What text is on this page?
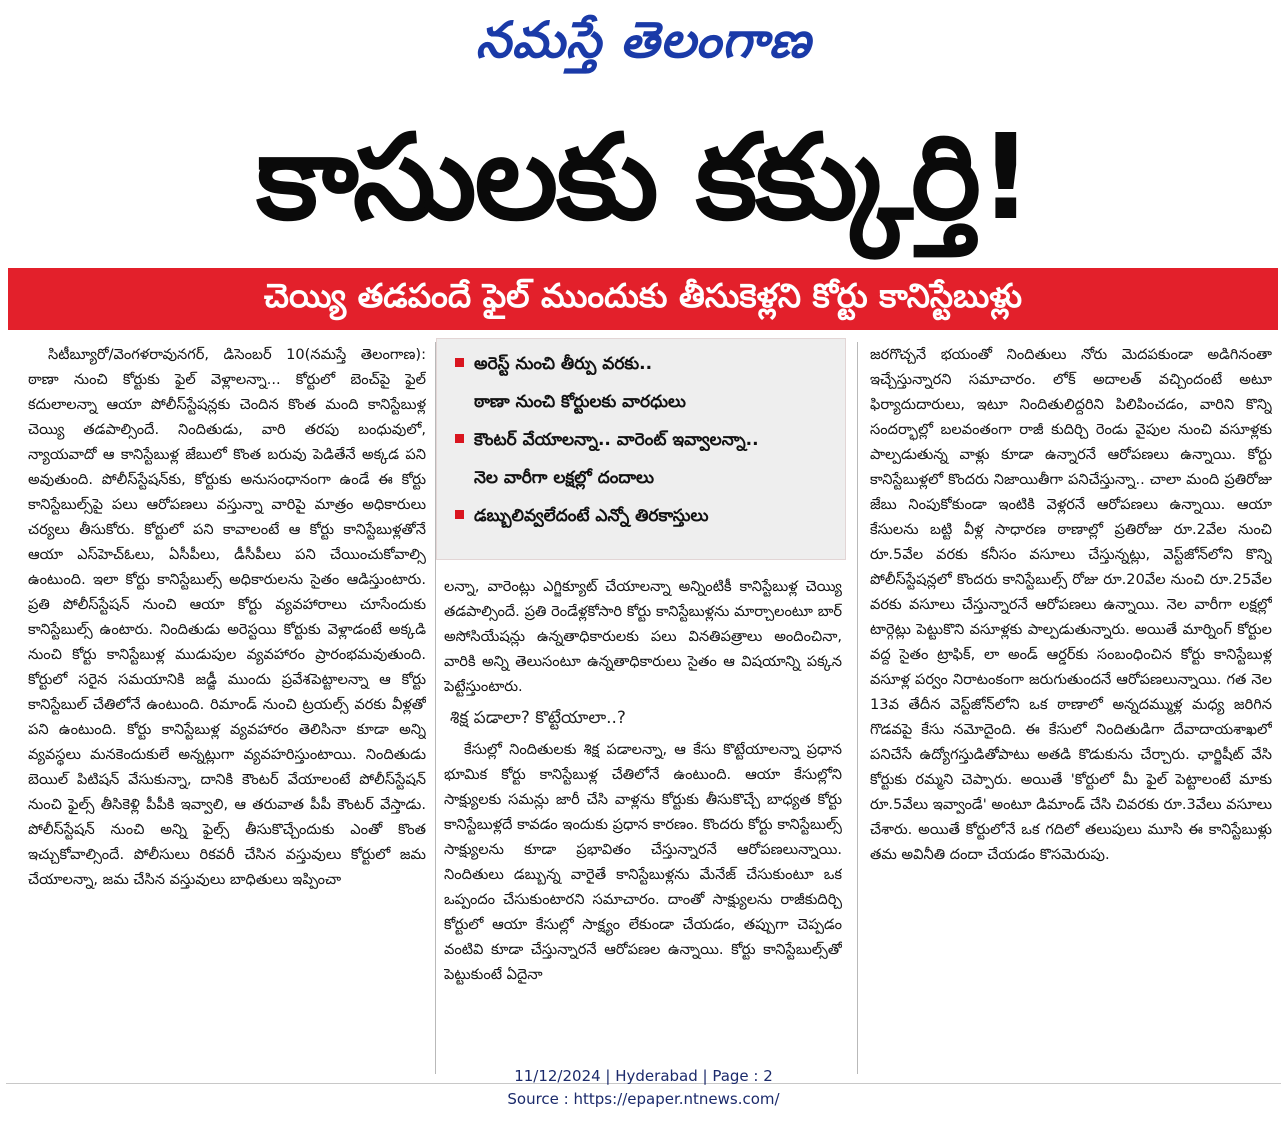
నమస్తే తెలంగాణ
కాసులకు కక్కుర్తి!
చెయ్యి తడపందే ఫైల్ ముందుకు తీసుకెళ్లని కోర్టు కానిస్టేబుళ్లు

సిటీబ్యూరో/వెంగళరావునగర్, డిసెంబర్ 10(నమస్తే తెలంగాణ): ఠాణా నుంచి కోర్టుకు ఫైల్ వెళ్లాలన్నా... కోర్టులో బెంచ్‌పై ఫైల్ కదులాలన్నా ఆయా పోలీస్‌స్టేషన్లకు చెందిన కొంత మంది కానిస్టేబుళ్ల చెయ్యి తడపాల్సిందే. నిందితుడు, వారి తరపు బంధువులో, న్యాయవాదో ఆ కానిస్టేబుళ్ల జేబులో కొంత బరువు పెడితేనే అక్కడ పని అవుతుంది. పోలీస్‌స్టేషన్‌కు, కోర్టుకు అనుసంధానంగా ఉండే ఈ కోర్టు కానిస్టేబుల్స్‌పై పలు ఆరోపణలు వస్తున్నా వారిపై మాత్రం అధికారులు చర్యలు తీసుకోరు. కోర్టులో పని కావాలంటే ఆ కోర్టు కానిస్టేబుళ్లతోనే ఆయా ఎస్‌హెచ్‌ఓలు, ఏసీపీలు, డీసీపీలు పని చేయించుకోవాల్సి ఉంటుంది. ఇలా కోర్టు కానిస్టేబుల్స్ అధికారులను సైతం ఆడిస్తుంటారు. ప్రతి పోలీస్‌స్టేషన్ నుంచి ఆయా కోర్టు వ్యవహారాలు చూసేందుకు కానిస్టేబుల్స్ ఉంటారు. నిందితుడు అరెస్టయి కోర్టుకు వెళ్లాడంటే అక్కడి నుంచి కోర్టు కానిస్టేబుళ్ల ముడుపుల వ్యవహారం ప్రారంభమవుతుంది. కోర్టులో సరైన సమయానికి జడ్జీ ముందు ప్రవేశపెట్టాలన్నా ఆ కోర్టు కానిస్టేబుల్ చేతిలోనే ఉంటుంది. రిమాండ్ నుంచి ట్రయల్స్ వరకు వీళ్లతో పని ఉంటుంది. కోర్టు కానిస్టేబుళ్ల వ్యవహారం తెలిసినా కూడా అన్ని వ్యవస్థలు మనకెందుకులే అన్నట్లుగా వ్యవహరిస్తుంటాయి. నిందితుడు బెయిల్ పిటిషన్ వేసుకున్నా, దానికి కౌంటర్ వేయాలంటే పోలీస్‌స్టేషన్ నుంచి ఫైల్స్ తీసికెళ్లి పీపీకి ఇవ్వాలి, ఆ తరువాత పీపీ కౌంటర్ వేస్తాడు. పోలీస్‌స్టేషన్ నుంచి అన్ని ఫైల్స్ తీసుకొచ్చేందుకు ఎంతో కొంత ఇచ్చుకోవాల్సిందే. పోలీసులు రికవరీ చేసిన వస్తువులు కోర్టులో జమ చేయాలన్నా, జమ చేసిన వస్తువులు బాధితులు ఇప్పించా

అరెస్ట్ నుంచి తీర్పు వరకు..
ఠాణా నుంచి కోర్టులకు వారధులు
కౌంటర్ వేయాలన్నా.. వారెంట్ ఇవ్వాలన్నా..
నెల వారీగా లక్షల్లో దందాలు
డబ్బులివ్వలేదంటే ఎన్నో తిరకాస్తులు

లన్నా, వారెంట్లు ఎగ్జిక్యూట్ చేయాలన్నా అన్నింటికీ కానిస్టేబుళ్ల చెయ్యి తడపాల్సిందే. ప్రతి రెండేళ్లకోసారి కోర్టు కానిస్టేబుళ్లను మార్చాలంటూ బార్ అసోసియేషన్లు ఉన్నతాధికారులకు పలు వినతిపత్రాలు అందించినా, వారికి అన్ని తెలుసంటూ ఉన్నతాధికారులు సైతం ఆ విషయాన్ని పక్కన పెట్టేస్తుంటారు.

శిక్ష పడాలా? కొట్టేయాలా..?

కేసుల్లో నిందితులకు శిక్ష పడాలన్నా, ఆ కేసు కొట్టేయాలన్నా ప్రధాన భూమిక కోర్టు కానిస్టేబుళ్ల చేతిలోనే ఉంటుంది. ఆయా కేసుల్లోని సాక్ష్యులకు సమన్లు జారీ చేసి వాళ్లను కోర్టుకు తీసుకొచ్చే బాధ్యత కోర్టు కానిస్టేబుళ్లదే కావడం ఇందుకు ప్రధాన కారణం. కొందరు కోర్టు కానిస్టేబుల్స్ సాక్ష్యులను కూడా ప్రభావితం చేస్తున్నారనే ఆరోపణలున్నాయి. నిందితులు డబ్బున్న వారైతే కానిస్టేబుళ్లను మేనేజ్ చేసుకుంటూ ఒక ఒప్పందం చేసుకుంటారని సమాచారం. దాంతో సాక్ష్యులను రాజీకుదిర్చి కోర్టులో ఆయా కేసుల్లో సాక్ష్యం లేకుండా చేయడం, తప్పుగా చెప్పడం వంటివి కూడా చేస్తున్నారనే ఆరోపణల ఉన్నాయి. కోర్టు కానిస్టేబుల్స్‌తో పెట్టుకుంటే ఏదైనా

జరగొచ్చనే భయంతో నిందితులు నోరు మెదపకుండా అడిగినంతా ఇచ్చేస్తున్నారని సమాచారం. లోక్ అదాలత్ వచ్చిందంటే అటూ ఫిర్యాదుదారులు, ఇటూ నిందితులిద్దరిని పిలిపించడం, వారిని కొన్ని సందర్భాల్లో బలవంతంగా రాజీ కుదిర్చి రెండు వైపుల నుంచి వసూళ్లకు పాల్పడుతున్న వాళ్లు కూడా ఉన్నారనే ఆరోపణలు ఉన్నాయి. కోర్టు కానిస్టేబుళ్లలో కొందరు నిజాయితీగా పనిచేస్తున్నా.. చాలా మంది ప్రతిరోజు జేబు నింపుకోకుండా ఇంటికి వెళ్లరనే ఆరోపణలు ఉన్నాయి. ఆయా కేసులను బట్టి వీళ్ల సాధారణ ఠాణాల్లో ప్రతిరోజు రూ.2వేల నుంచి రూ.5వేల వరకు కనీసం వసూలు చేస్తున్నట్లు, వెస్ట్‌జోన్‌లోని కొన్ని పోలీస్‌స్టేషన్లలో కొందరు కానిస్టేబుల్స్ రోజు రూ.20వేల నుంచి రూ.25వేల వరకు వసూలు చేస్తున్నారనే ఆరోపణలు ఉన్నాయి. నెల వారీగా లక్షల్లో టార్గెట్లు పెట్టుకొని వసూళ్లకు పాల్పడుతున్నారు. అయితే మార్నింగ్ కోర్టుల వద్ద సైతం ట్రాఫిక్, లా అండ్ ఆర్డర్‌కు సంబంధించిన కోర్టు కానిస్టేబుళ్ల వసూళ్ల పర్వం నిరాటంకంగా జరుగుతుందనే ఆరోపణలున్నాయి. గత నెల 13వ తేదీన వెస్ట్‌జోన్‌లోని ఒక ఠాణాలో అన్నదమ్ముళ్ల మధ్య జరిగిన గొడవపై కేసు నమోదైంది. ఈ కేసులో నిందితుడిగా దేవాదాయశాఖలో పనిచేసే ఉద్యోగస్తుడితోపాటు అతడి కొడుకును చేర్చారు. ఛార్జిషీట్ వేసి కోర్టుకు రమ్మని చెప్పారు. అయితే 'కోర్టులో మీ ఫైల్ పెట్టాలంటే మాకు రూ.5వేలు ఇవ్వాండే' అంటూ డిమాండ్ చేసి చివరకు రూ.3వేలు వసూలు చేశారు. అయితే కోర్టులోనే ఒక గదిలో తలుపులు మూసి ఈ కానిస్టేబుళ్లు తమ అవినీతి దందా చేయడం కొసమెరుపు.

11/12/2024 | Hyderabad | Page : 2
Source : https://epaper.ntnews.com/
